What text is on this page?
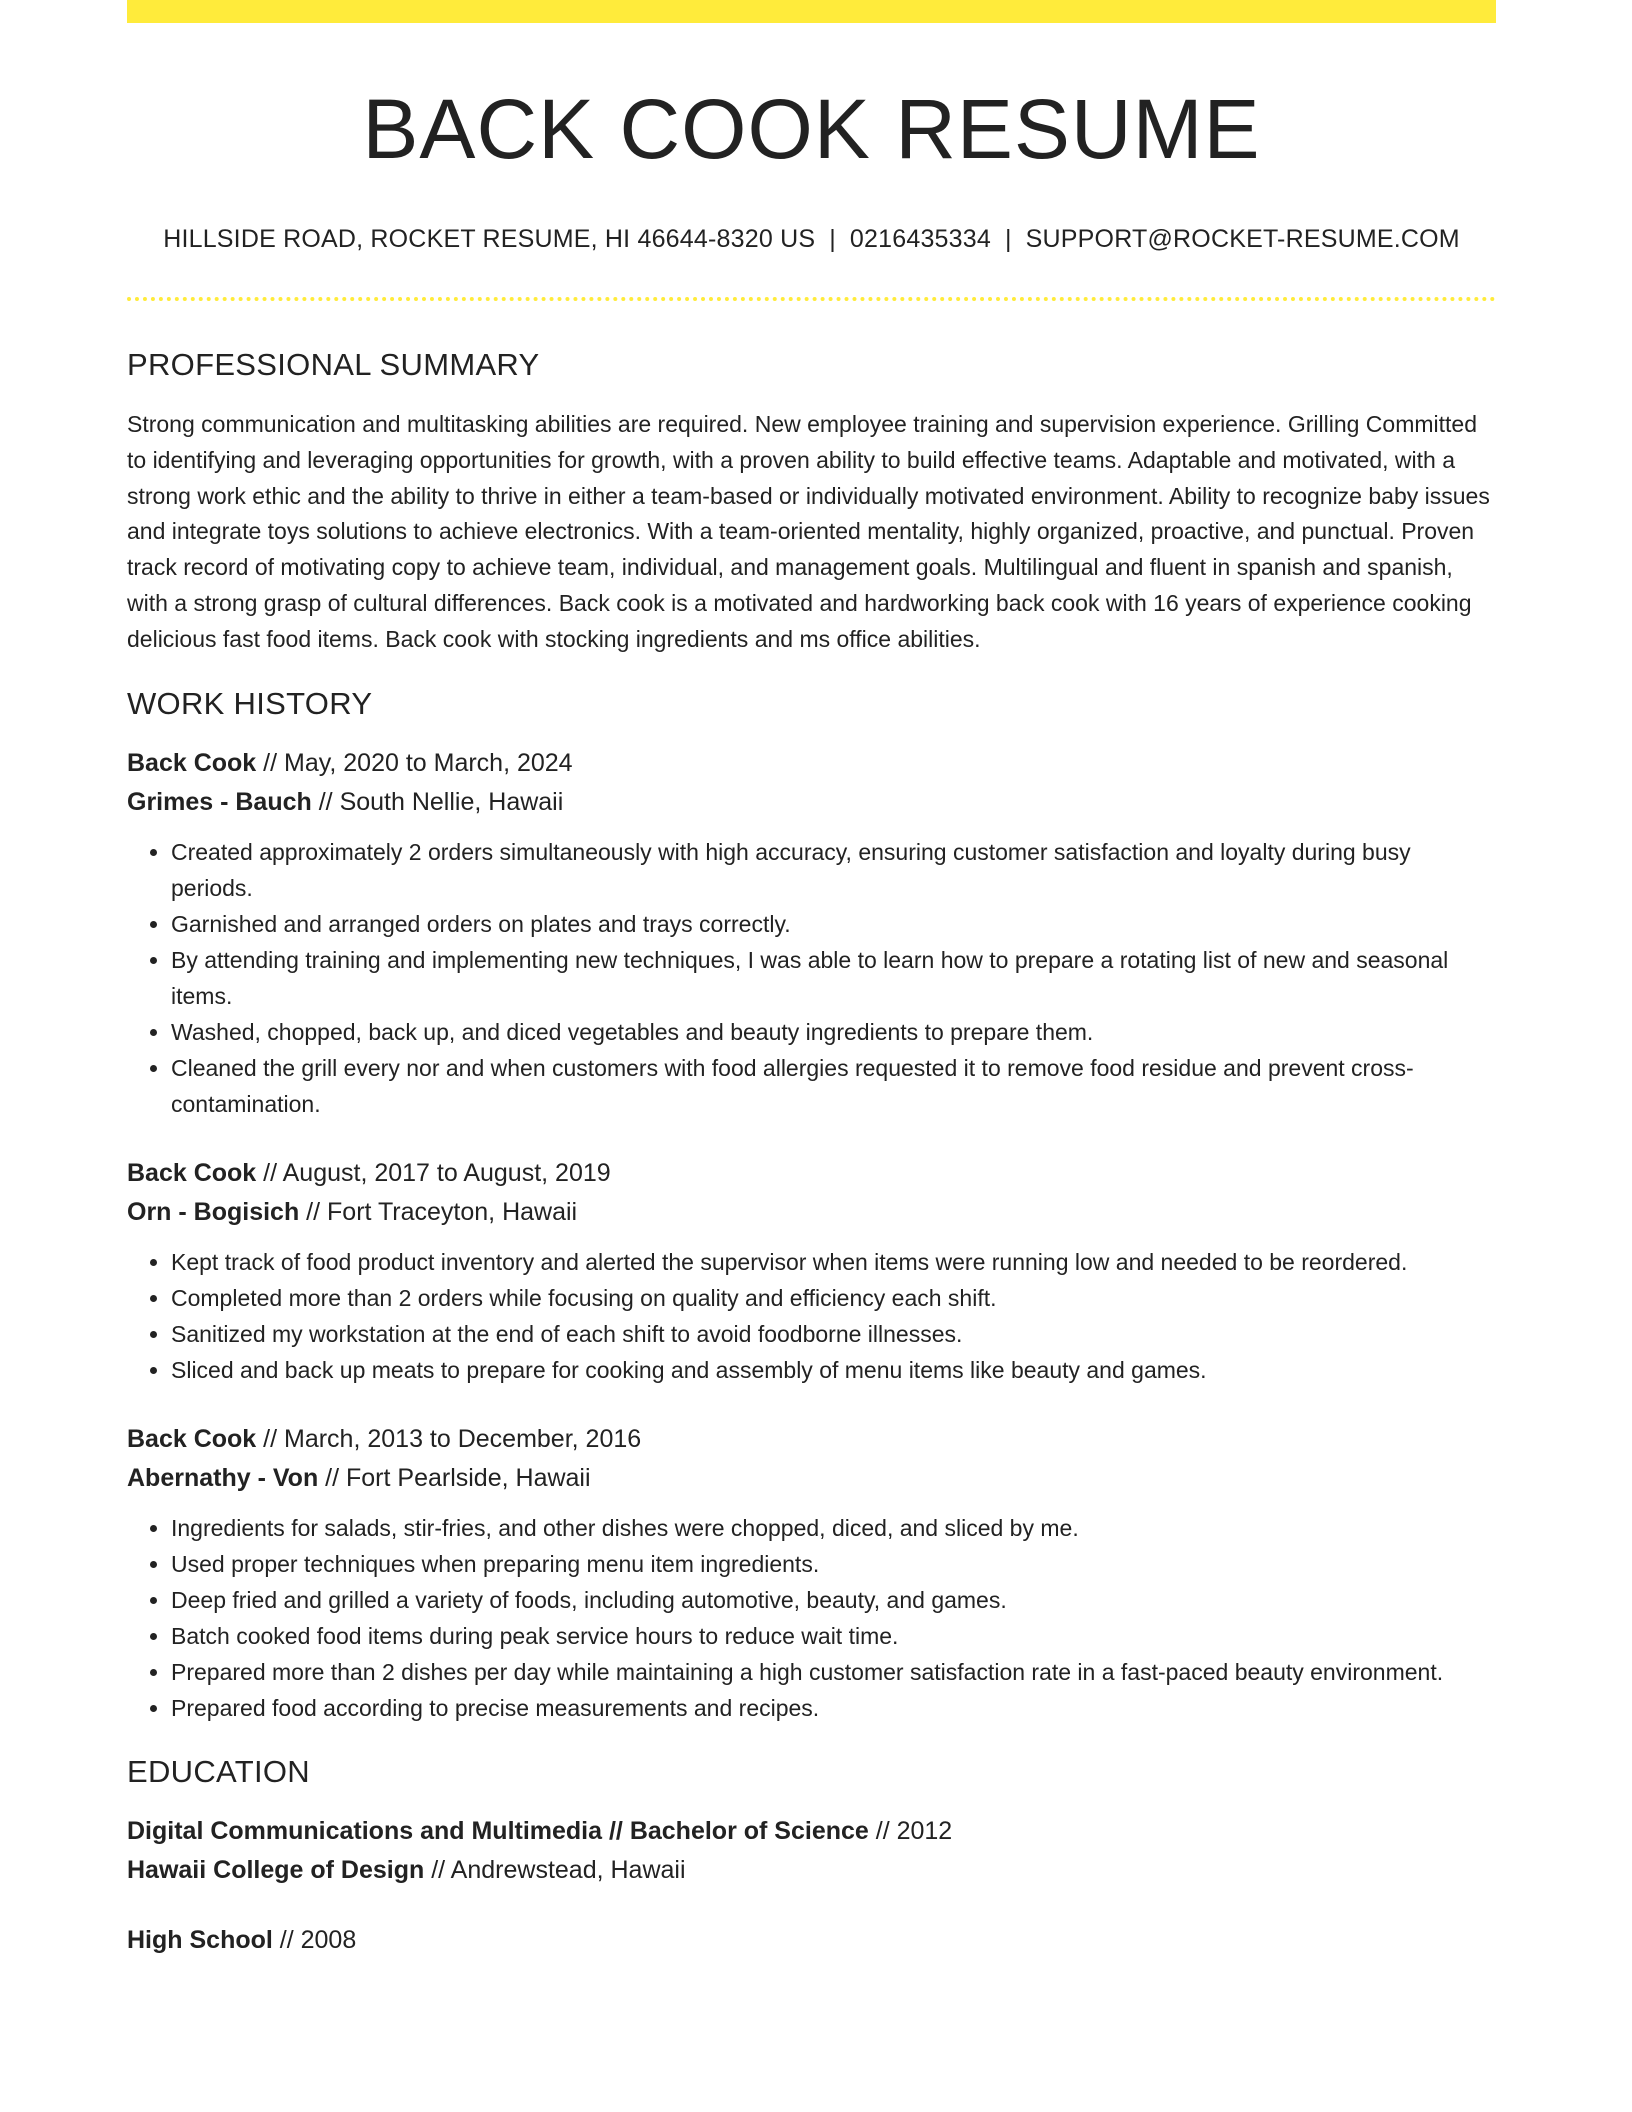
BACK COOK RESUME
HILLSIDE ROAD, ROCKET RESUME, HI 46644-8320 US | 0216435334 | SUPPORT@ROCKET-RESUME.COM
PROFESSIONAL SUMMARY

Strong communication and multitasking abilities are required. New employee training and supervision experience. Grilling Committed to identifying and leveraging opportunities for growth, with a proven ability to build effective teams. Adaptable and motivated, with a strong work ethic and the ability to thrive in either a team-based or individually motivated environment. Ability to recognize baby issues and integrate toys solutions to achieve electronics. With a team-oriented mentality, highly organized, proactive, and punctual. Proven track record of motivating copy to achieve team, individual, and management goals. Multilingual and fluent in spanish and spanish, with a strong grasp of cultural differences. Back cook is a motivated and hardworking back cook with 16 years of experience cooking delicious fast food items. Back cook with stocking ingredients and ms office abilities.

WORK HISTORY
Back Cook // May, 2020 to March, 2024
Grimes - Bauch // South Nellie, Hawaii
• Created approximately 2 orders simultaneously with high accuracy, ensuring customer satisfaction and loyalty during busy periods.
• Garnished and arranged orders on plates and trays correctly.
• By attending training and implementing new techniques, I was able to learn how to prepare a rotating list of new and seasonal items.
• Washed, chopped, back up, and diced vegetables and beauty ingredients to prepare them.
• Cleaned the grill every nor and when customers with food allergies requested it to remove food residue and prevent cross-contamination.
Back Cook // August, 2017 to August, 2019
Orn - Bogisich // Fort Traceyton, Hawaii
• Kept track of food product inventory and alerted the supervisor when items were running low and needed to be reordered.
• Completed more than 2 orders while focusing on quality and efficiency each shift.
• Sanitized my workstation at the end of each shift to avoid foodborne illnesses.
• Sliced and back up meats to prepare for cooking and assembly of menu items like beauty and games.
Back Cook // March, 2013 to December, 2016
Abernathy - Von // Fort Pearlside, Hawaii
• Ingredients for salads, stir-fries, and other dishes were chopped, diced, and sliced by me.
• Used proper techniques when preparing menu item ingredients.
• Deep fried and grilled a variety of foods, including automotive, beauty, and games.
• Batch cooked food items during peak service hours to reduce wait time.
• Prepared more than 2 dishes per day while maintaining a high customer satisfaction rate in a fast-paced beauty environment.
• Prepared food according to precise measurements and recipes.
EDUCATION
Digital Communications and Multimedia // Bachelor of Science // 2012
Hawaii College of Design // Andrewstead, Hawaii
High School // 2008
